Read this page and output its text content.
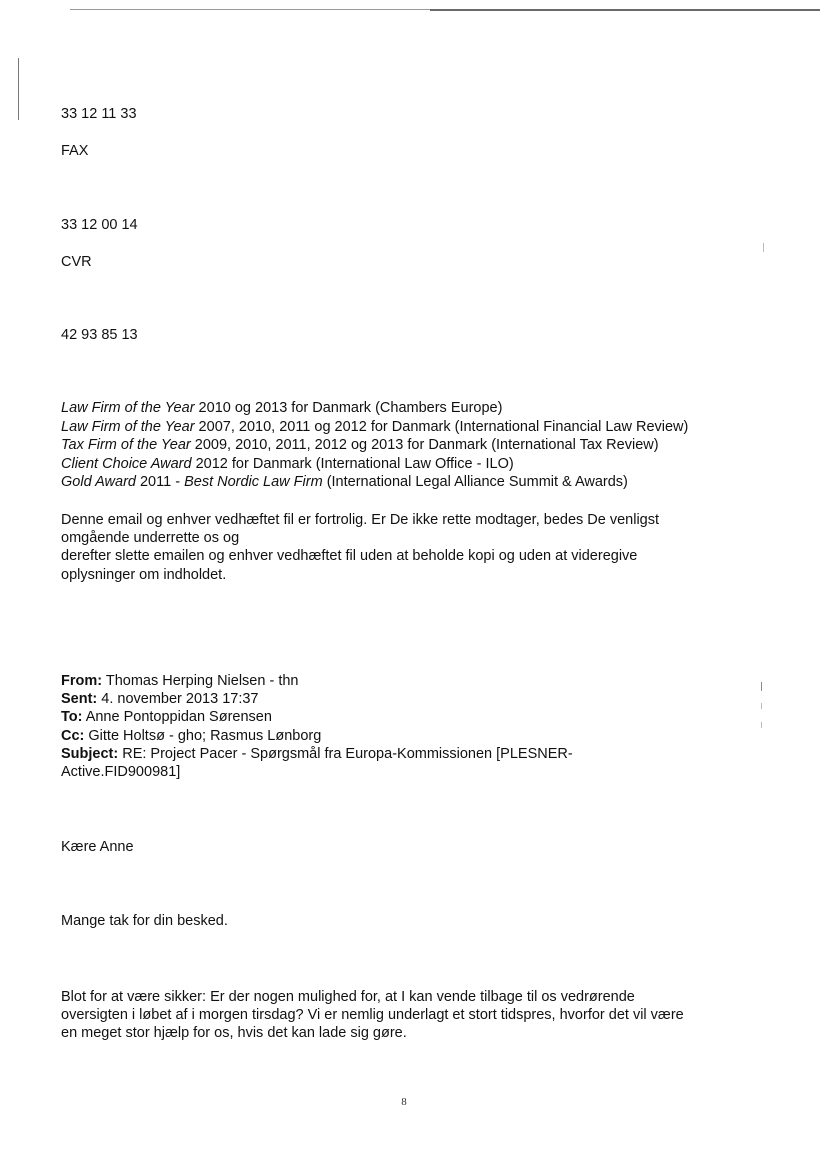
33 12 11 33
FAX
33 12 00 14
CVR
42 93 85 13
Law Firm of the Year 2010 og 2013 for Danmark (Chambers Europe)
Law Firm of the Year 2007, 2010, 2011 og 2012 for Danmark (International Financial Law Review)
Tax Firm of the Year 2009, 2010, 2011, 2012 og 2013 for Danmark (International Tax Review)
Client Choice Award 2012 for Danmark (International Law Office - ILO)
Gold Award 2011 - Best Nordic Law Firm (International Legal Alliance Summit & Awards)
Denne email og enhver vedhæftet fil er fortrolig. Er De ikke rette modtager, bedes De venligst
omgående underrette os og
derefter slette emailen og enhver vedhæftet fil uden at beholde kopi og uden at videregive
oplysninger om indholdet.
From: Thomas Herping Nielsen - thn
Sent: 4. november 2013 17:37
To: Anne Pontoppidan Sørensen
Cc: Gitte Holtsø - gho; Rasmus Lønborg
Subject: RE: Project Pacer - Spørgsmål fra Europa-Kommissionen [PLESNER-
Active.FID900981]
Kære Anne
Mange tak for din besked.
Blot for at være sikker: Er der nogen mulighed for, at I kan vende tilbage til os vedrørende
oversigten i løbet af i morgen tirsdag? Vi er nemlig underlagt et stort tidspres, hvorfor det vil være
en meget stor hjælp for os, hvis det kan lade sig gøre.
8
